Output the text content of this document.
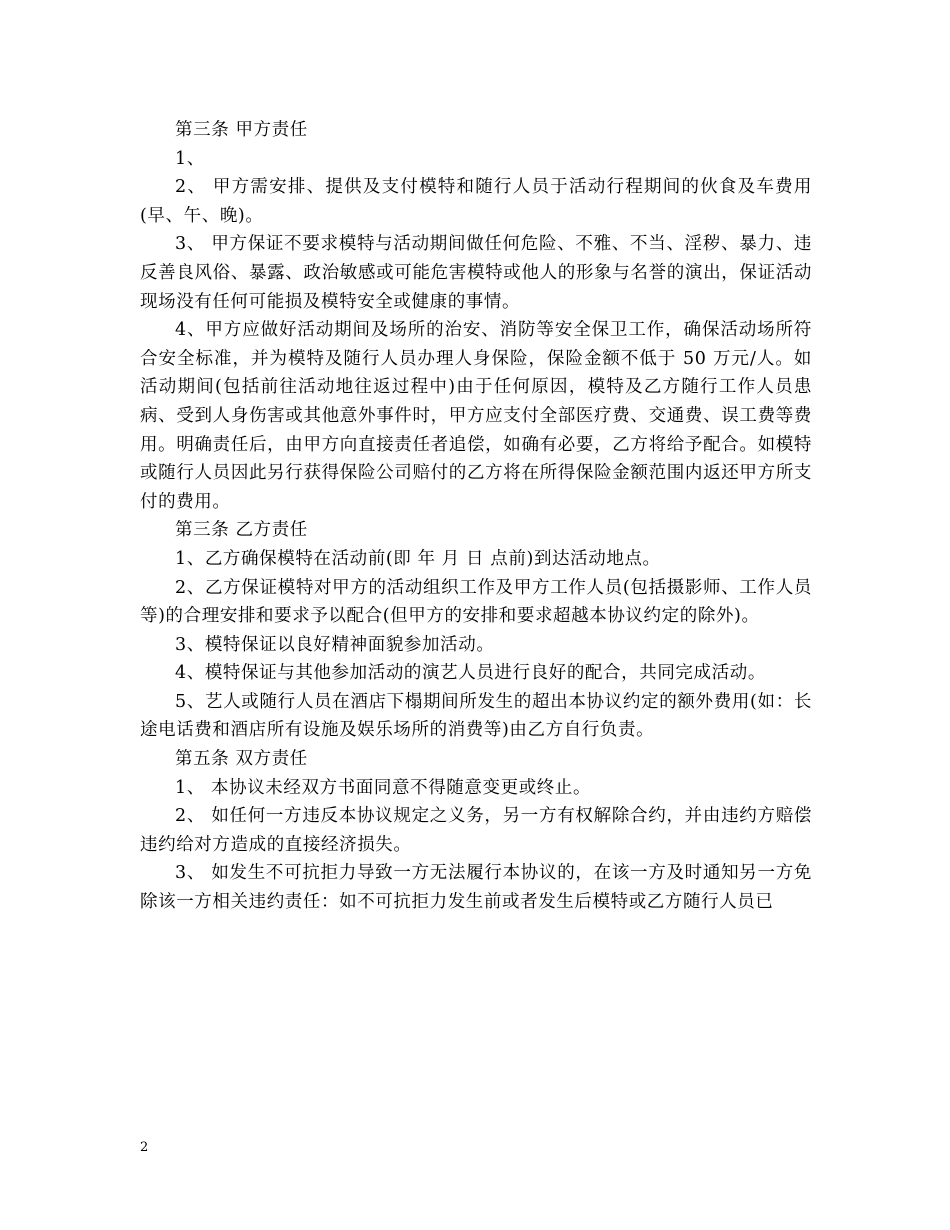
第三条 甲方责任

1、

2、 甲方需安排、提供及支付模特和随行人员于活动行程期间的伙食及车费用(早、午、晚)。

3、 甲方保证不要求模特与活动期间做任何危险、不雅、不当、淫秽、暴力、违反善良风俗、暴露、政治敏感或可能危害模特或他人的形象与名誉的演出，保证活动现场没有任何可能损及模特安全或健康的事情。

4、甲方应做好活动期间及场所的治安、消防等安全保卫工作，确保活动场所符合安全标准，并为模特及随行人员办理人身保险，保险金额不低于 50 万元/人。如活动期间(包括前往活动地往返过程中)由于任何原因，模特及乙方随行工作人员患病、受到人身伤害或其他意外事件时，甲方应支付全部医疗费、交通费、误工费等费用。明确责任后，由甲方向直接责任者追偿，如确有必要，乙方将给予配合。如模特或随行人员因此另行获得保险公司赔付的乙方将在所得保险金额范围内返还甲方所支付的费用。

第三条 乙方责任

1、乙方确保模特在活动前(即 年 月 日 点前)到达活动地点。

2、乙方保证模特对甲方的活动组织工作及甲方工作人员(包括摄影师、工作人员等)的合理安排和要求予以配合(但甲方的安排和要求超越本协议约定的除外)。

3、模特保证以良好精神面貌参加活动。

4、模特保证与其他参加活动的演艺人员进行良好的配合，共同完成活动。

5、艺人或随行人员在酒店下榻期间所发生的超出本协议约定的额外费用(如：长途电话费和酒店所有设施及娱乐场所的消费等)由乙方自行负责。

第五条 双方责任

1、 本协议未经双方书面同意不得随意变更或终止。

2、 如任何一方违反本协议规定之义务，另一方有权解除合约，并由违约方赔偿违约给对方造成的直接经济损失。

3、 如发生不可抗拒力导致一方无法履行本协议的，在该一方及时通知另一方免除该一方相关违约责任：如不可抗拒力发生前或者发生后模特或乙方随行人员已

2
